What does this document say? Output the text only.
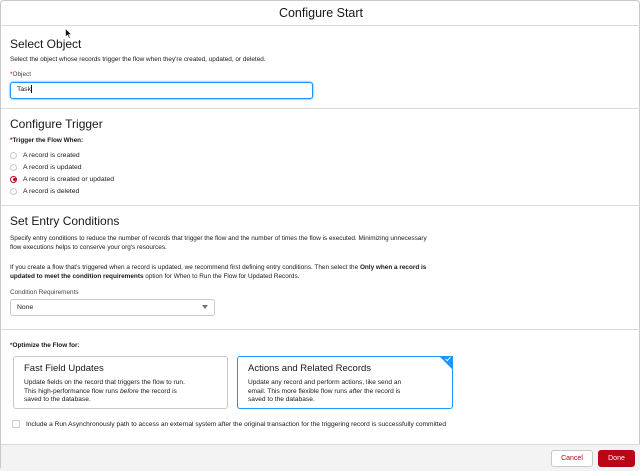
Configure Start
Select Object
Select the object whose records trigger the flow when they're created, updated, or deleted.
*Object
Task
Configure Trigger
*Trigger the Flow When:
A record is created
A record is updated
A record is created or updated
A record is deleted
Set Entry Conditions
Specify entry conditions to reduce the number of records that trigger the flow and the number of times the flow is executed. Minimizing unnecessary
flow executions helps to conserve your org's resources.
If you create a flow that's triggered when a record is updated, we recommend first defining entry conditions. Then select the Only when a record is
updated to meet the condition requirements option for When to Run the Flow for Updated Records.
Condition Requirements
None
*Optimize the Flow for:
Fast Field Updates
Update fields on the record that triggers the flow to run.
This high-performance flow runs before the record is
saved to the database.
Actions and Related Records
Update any record and perform actions, like send an
email. This more flexible flow runs after the record is
saved to the database.
Include a Run Asynchronously path to access an external system after the original transaction for the triggering record is successfully committed
Cancel	Done
